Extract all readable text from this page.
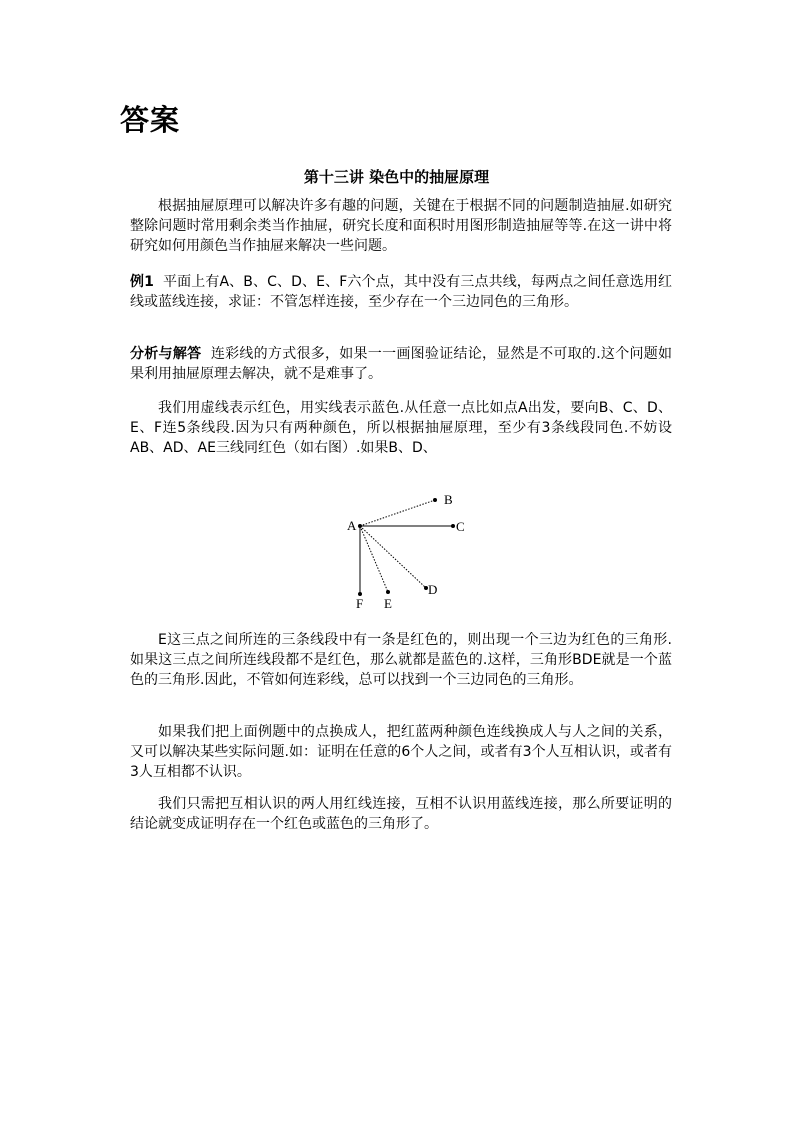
答案
第十三讲 染色中的抽屉原理

根据抽屉原理可以解决许多有趣的问题，关键在于根据不同的问题制造抽屉.如研究整除问题时常用剩余类当作抽屉，研究长度和面积时用图形制造抽屉等等.在这一讲中将研究如何用颜色当作抽屉来解决一些问题。

例1 平面上有A、B、C、D、E、F六个点，其中没有三点共线，每两点之间任意选用红线或蓝线连接，求证：不管怎样连接，至少存在一个三边同色的三角形。

分析与解答 连彩线的方式很多，如果一一画图验证结论，显然是不可取的.这个问题如果利用抽屉原理去解决，就不是难事了。

我们用虚线表示红色，用实线表示蓝色.从任意一点比如点A出发，要向B、C、D、E、F连5条线段.因为只有两种颜色，所以根据抽屉原理，至少有3条线段同色.不妨设AB、AD、AE三线同红色（如右图）.如果B、D、

A
B
C
D
E
F

E这三点之间所连的三条线段中有一条是红色的，则出现一个三边为红色的三角形.如果这三点之间所连线段都不是红色，那么就都是蓝色的.这样，三角形BDE就是一个蓝色的三角形.因此，不管如何连彩线，总可以找到一个三边同色的三角形。

如果我们把上面例题中的点换成人，把红蓝两种颜色连线换成人与人之间的关系，又可以解决某些实际问题.如：证明在任意的6个人之间，或者有3个人互相认识，或者有3人互相都不认识。

我们只需把互相认识的两人用红线连接，互相不认识用蓝线连接，那么所要证明的结论就变成证明存在一个红色或蓝色的三角形了。
